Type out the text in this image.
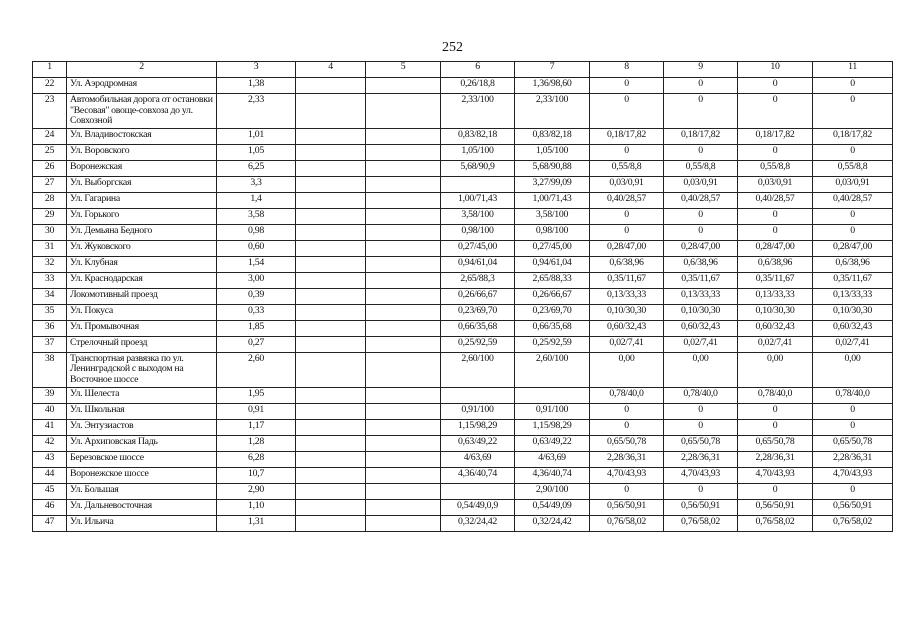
252
1	2	3	4	5	6	7	8	9	10	11
22	Ул. Аэродромная	1,38			0,26/18,8	1,36/98,60	0	0	0	0
23	Автомобильная дорога от остановки "Весовая" овоще-совхоза до ул. Совхозной	2,33			2,33/100	2,33/100	0	0	0	0
24	Ул. Владивостокская	1,01			0,83/82,18	0,83/82,18	0,18/17,82	0,18/17,82	0,18/17,82	0,18/17,82
25	Ул. Воровского	1,05			1,05/100	1,05/100	0	0	0	0
26	Воронежская	6,25			5,68/90,9	5,68/90,88	0,55/8,8	0,55/8,8	0,55/8,8	0,55/8,8
27	Ул. Выборгская	3,3				3,27/99,09	0,03/0,91	0,03/0,91	0,03/0,91	0,03/0,91
28	Ул. Гагарина	1,4			1,00/71,43	1,00/71,43	0,40/28,57	0,40/28,57	0,40/28,57	0,40/28,57
29	Ул. Горького	3,58			3,58/100	3,58/100	0	0	0	0
30	Ул. Демьяна Бедного	0,98			0,98/100	0,98/100	0	0	0	0
31	Ул. Жуковского	0,60			0,27/45,00	0,27/45,00	0,28/47,00	0,28/47,00	0,28/47,00	0,28/47,00
32	Ул. Клубная	1,54			0,94/61,04	0,94/61,04	0,6/38,96	0,6/38,96	0,6/38,96	0,6/38,96
33	Ул. Краснодарская	3,00			2,65/88,3	2,65/88,33	0,35/11,67	0,35/11,67	0,35/11,67	0,35/11,67
34	Локомотивный проезд	0,39			0,26/66,67	0,26/66,67	0,13/33,33	0,13/33,33	0,13/33,33	0,13/33,33
35	Ул. Покуса	0,33			0,23/69,70	0,23/69,70	0,10/30,30	0,10/30,30	0,10/30,30	0,10/30,30
36	Ул. Промывочная	1,85			0,66/35,68	0,66/35,68	0,60/32,43	0,60/32,43	0,60/32,43	0,60/32,43
37	Стрелочный проезд	0,27			0,25/92,59	0,25/92,59	0,02/7,41	0,02/7,41	0,02/7,41	0,02/7,41
38	Транспортная развязка по ул. Ленинградской с выходом на Восточное шоссе	2,60			2,60/100	2,60/100	0,00	0,00	0,00	0,00
39	Ул. Шелеста	1,95					0,78/40,0	0,78/40,0	0,78/40,0	0,78/40,0
40	Ул. Школьная	0,91			0,91/100	0,91/100	0	0	0	0
41	Ул. Энтузиастов	1,17			1,15/98,29	1,15/98,29	0	0	0	0
42	Ул. Архиповская Падь	1,28			0,63/49,22	0,63/49,22	0,65/50,78	0,65/50,78	0,65/50,78	0,65/50,78
43	Березовское шоссе	6,28			4/63,69	4/63,69	2,28/36,31	2,28/36,31	2,28/36,31	2,28/36,31
44	Воронежское шоссе	10,7			4,36/40,74	4,36/40,74	4,70/43,93	4,70/43,93	4,70/43,93	4,70/43,93
45	Ул. Большая	2,90				2,90/100	0	0	0	0
46	Ул. Дальневосточная	1,10			0,54/49,0,9	0,54/49,09	0,56/50,91	0,56/50,91	0,56/50,91	0,56/50,91
47	Ул. Ильича	1,31			0,32/24,42	0,32/24,42	0,76/58,02	0,76/58,02	0,76/58,02	0,76/58,02
